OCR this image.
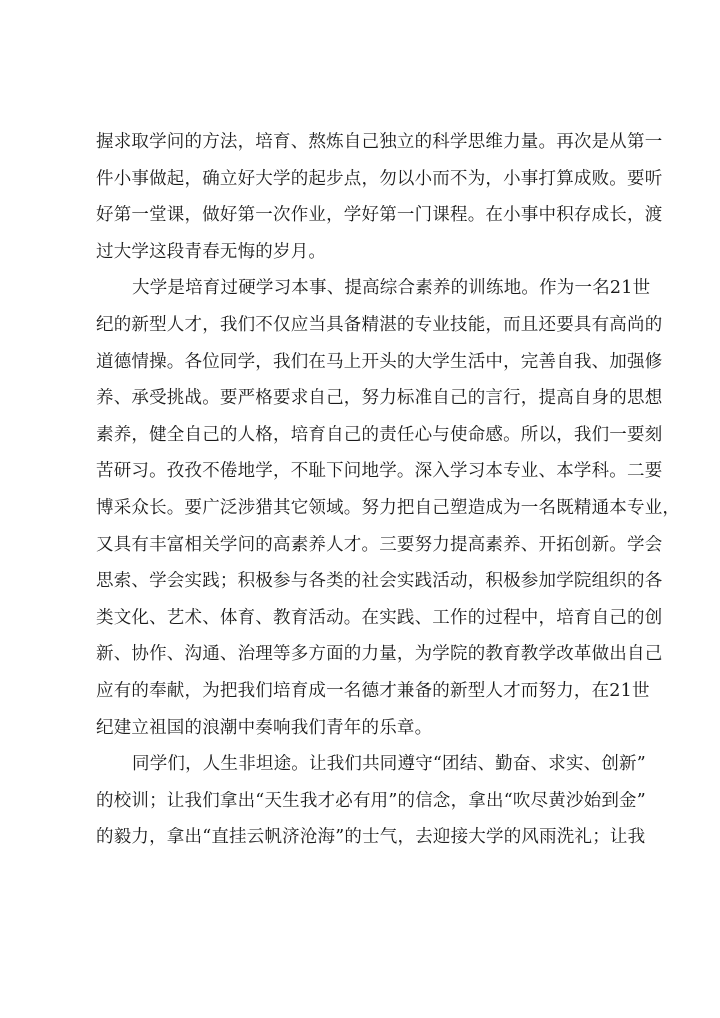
握求取学问的方法，培育、熬炼自己独立的科学思维力量。再次是从第一
件小事做起，确立好大学的起步点，勿以小而不为，小事打算成败。要听
好第一堂课，做好第一次作业，学好第一门课程。在小事中积存成长，渡
过大学这段青春无悔的岁月。
大学是培育过硬学习本事、提高综合素养的训练地。作为一名21世
纪的新型人才，我们不仅应当具备精湛的专业技能，而且还要具有高尚的
道德情操。各位同学，我们在马上开头的大学生活中，完善自我、加强修
养、承受挑战。要严格要求自己，努力标准自己的言行，提高自身的思想
素养，健全自己的人格，培育自己的责任心与使命感。所以，我们一要刻
苦研习。孜孜不倦地学，不耻下问地学。深入学习本专业、本学科。二要
博采众长。要广泛涉猎其它领域。努力把自己塑造成为一名既精通本专业，
又具有丰富相关学问的高素养人才。三要努力提高素养、开拓创新。学会
思索、学会实践；积极参与各类的社会实践活动，积极参加学院组织的各
类文化、艺术、体育、教育活动。在实践、工作的过程中，培育自己的创
新、协作、沟通、治理等多方面的力量，为学院的教育教学改革做出自己
应有的奉献，为把我们培育成一名德才兼备的新型人才而努力，在21世
纪建立祖国的浪潮中奏响我们青年的乐章。
同学们，人生非坦途。让我们共同遵守“团结、勤奋、求实、创新”
的校训；让我们拿出“天生我才必有用”的信念，拿出“吹尽黄沙始到金”
的毅力，拿出“直挂云帆济沧海”的士气，去迎接大学的风雨洗礼；让我
